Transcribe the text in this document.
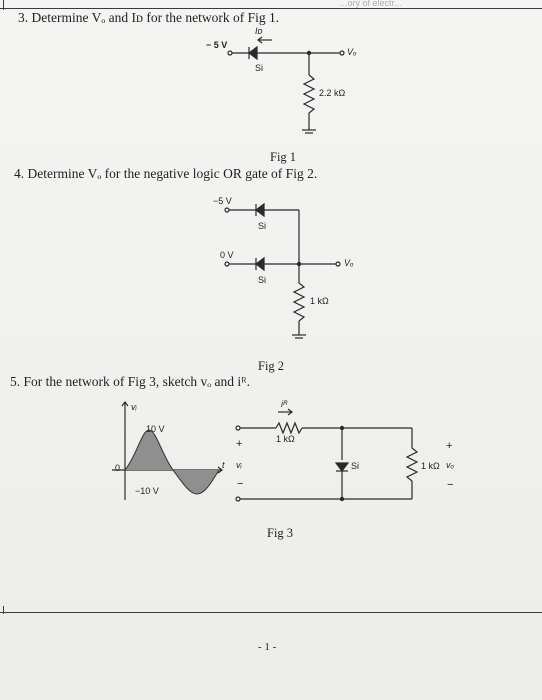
...ory of electr...
3. Determine Vₒ and Iᴅ for the network of Fig 1.
4. Determine Vₒ for the negative logic OR gate of Fig 2.
5. For the network of Fig 3, sketch vₒ and iᴿ.
− 5 V
Iᴅ
Si
2.2 kΩ
Vₒ
Fig 1
−5 V
Si
0 V
Si
Vₒ
1 kΩ
Fig 2
vᵢ
10 V
0	t
−10 V
+
vᵢ
−
iᴿ
1 kΩ
Si	1 kΩ
+
vₒ
−
Fig 3
- 1 -
